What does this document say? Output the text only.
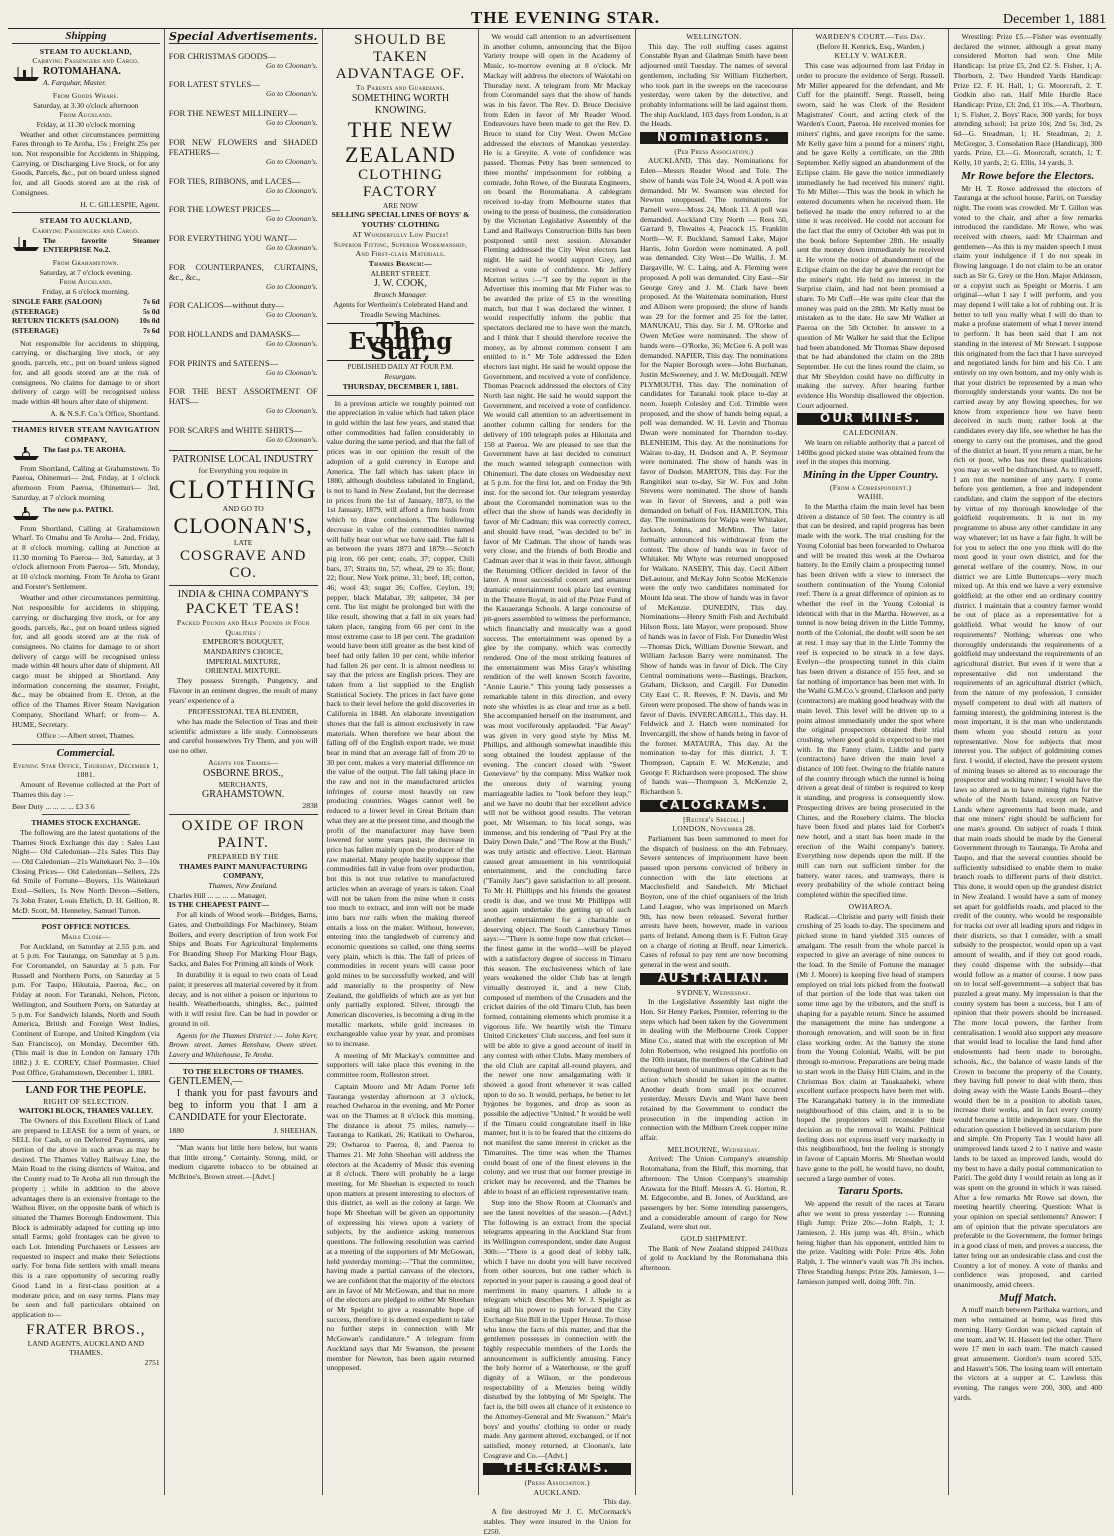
THE EVENING STAR.	December 1, 1881
Shipping
STEAM TO AUCKLAND,
Carrying Passengers and Cargo.
ROTOMAHANA.
A. Farquhar, Master.
From Goods Wharf.
Saturday, at 3.30 o'clock afternoon
From Auckland.
Friday, at 11.30 o'clock morning

Weather and other circumstances permitting Fares through to Te Aroha, 15s ; Freight 25s per ton. Not responsible for Accidents in Shipping, Carrying, or Discharging Live Stock, or for any Goods, Parcels, &c., put on board unless signed for, and all Goods stored are at the risk of Consignees.

H. C. GILLESPIE, Agent.
STEAM TO AUCKLAND,
Carrying Passengers and Cargo.
The favorite Steamer ENTERPRISE No.2.
From Grahamstown.
Saturday, at 7 o'clock evening.
From Auckland.
Friday, at 6 o'clock morning.
SINGLE FARE (SALOON)	7s 6d
(STEERAGE)	5s 0d
RETURN TICKETS (SALOON)	10s 0d
(STEERAGE)	7s 6d

Not responsible for accidents in shipping, carrying, or discharging live stock, or any goods, parcels, etc., put on board unless signed for, and all goods stored are at the risk of consignees. No claims for damage to or short delivery of cargo will be recognised unless made within 48 hours after date of shipment.

A. & N.S.F. Co.'s Office, Shortland.
THAMES RIVER STEAM NAVIGATION COMPANY,
The fast p.s. TE AROHA.

From Shortland, Calling at Grahamstown. To Paeroa, Ohinemuri— 2nd, Friday, at 1 o'clock afternoon From Paeroa, Ohinemuri— 3rd, Saturday, at 7 o'clock morning

The new p.s. PATIKI.

From Shortland, Calling at Grahamstown Wharf. To Omahu and Te Aroha— 2nd, Friday, at 8 o'clock morning, calling at Junction at 11.30 morning To Paeroa— 3rd, Saturday, at 3 o'clock afternoon From Paeroa— 5th, Monday, at 10 o'clock morning. From Te Aroha to Grant and Forster's Settlement.

Weather and other circumstances permitting. Not responsible for accidents in shipping, carrying, or discharging live stock, or for any goods, parcels, &c., put on board unless signed for, and all goods stored are at the risk of consignees. No claims for damage to or short delivery of cargo will be recognised unless made within 48 hours after date of shipment. All cargo must be shipped at Shortland. Any information concerning the steamer, Freight, &c., may be obtained from E. Orton, at the office of the Thames River Steam Navigation Company, Shortland Wharf; or from— A. HUME, Secretary.

Office :—Albert street, Thames.
Commercial.
Evening Star Office, Thursday, December 1, 1881.

Amount of Revenue collected at the Port of Thames this day :—

Beer Duty ... ... ... ... £3 3 6
THAMES STOCK EXCHANGE.

The following are the latest quotations of the Thames Stock Exchange this day : Sales Last Night— Old Caledonian—21s Sales This Day— Old Caledonian—21s Waitekauri No. 3—10s Closing Prices— Old Caledonian—Sellers, 22s 6d Smile of Fortune—Buyers, 11s Waitekauri Extd—Sellers, 1s New North Devon—Sellers, 7s John Frater, Louis Ehrlich, D. H. Gellion, R. McD. Scott, M. Henneley, Samuel Turton.

POST OFFICE NOTICES.
Mails Close—

For Auckland, on Saturday at 2.55 p.m. and at 5 p.m. For Tauranga, on Saturday at 5 p.m. For Coromandel, on Saturday at 5 p.m. For Russell and Northern Ports, on Saturday at 5 p.m. For Taupo, Hikutaia, Paeroa, &c., on Friday at noon. For Taranaki, Nelson, Picton, Wellington, and Southern Ports, on Saturday at 5 p.m. For Sandwich Islands, North and South America, British and Foreign West Indies, Continent of Europe, and United Kingdom (via San Francisco), on Monday, December 6th. (This mail is due in London on January 17th 1882.) J. E. COREY, Chief Postmaster. Chief Post Office, Grahamstown, December 1, 1881.

LAND FOR THE PEOPLE.
RIGHT OF SELECTION.
WAITOKI BLOCK, THAMES VALLEY.

The Owners of this Excellent Block of Land are prepared to LEASE for a term of years, or SELL for Cash, or on Deferred Payments, any portion of the above in such areas as may be desired. The Thames Valley Railway Line, the Main Road to the rising districts of Waitoa, and the County road to Te Aroha all run through the property ; while in addition to the above advantages there is an extensive frontage to the Waihou River, on the opposite bank of which is situated the Thames Borough Endowment. This Block is admirably adapted for cutting up into small Farms; gold frontages can be given to each Lot. Intending Purchasers or Lessees are requested to inspect and make their Selections early. For bona fide settlers with small means this is a rare opportunity of securing really Good Land in a first-class position at a moderate price, and on easy terms. Plans may be seen and full particulars obtained on application to—

FRATER BROS.,
LAND AGENTS, AUCKLAND AND THAMES.
2751
Special Advertisements.
FOR CHRISTMAS GOODS—
Go to Cloonan's.
FOR LATEST STYLES—
Go to Cloonan's.
FOR THE NEWEST MILLINERY—
Go to Cloonan's.
FOR NEW FLOWERS and SHADED FEATHERS—
Go to Cloonan's.
FOR TIES, RIBBONS, and LACES—
Go to Cloonan's.
FOR THE LOWEST PRICES—
Go to Cloonan's.
FOR EVERYTHING YOU WANT—
Go to Cloonan's.
FOR COUNTERPANES, CURTAINS, &c., &c.,
Go to Cloonan's.
FOR CALICOS—without duty—
Go to Cloonan's.
FOR HOLLANDS and DAMASKS—
Go to Cloonan's.
FOR PRINTS and SATEENS—
Go to Cloonan's.
FOR THE BEST ASSORTMENT OF HATS—
Go to Cloonan's.
FOR SCARFS and WHITE SHIRTS—
Go to Cloonan's.
PATRONISE LOCAL INDUSTRY
for Everything you require in
CLOTHING
AND GO TO
CLOONAN'S,
LATE
COSGRAVE AND CO.
INDIA & CHINA COMPANY'S
PACKET TEAS!
Packed Pounds and Half Pounds in Four Qualities :
EMPEROR'S BOUQUET,
MANDARIN'S CHOICE,
IMPERIAL MIXTURE,
ORIENTAL MIXTURE.

They possess Strength, Pungency, and Flavour in an eminent degree, the result of many years' experience of a

PROFESSIONAL TEA BLENDER,

who has made the Selection of Teas and their scientific admixture a life study. Connoisseurs and careful housewives Try Them, and you will use no other.

Agents for Thames—
OSBORNE BROS.,
MERCHANTS,
GRAHAMSTOWN.
2838
OXIDE OF IRON PAINT.
PREPARED BY THE
THAMES PAINT MANUFACTURING COMPANY,
Thames, New Zealand.
Charles Hill ... ... ... ... Manager,
IS THE CHEAPEST PAINT—

For all kinds of Wood work—Bridges, Barns, Gates, and Outbuildings For Machinery, Steam Boilers, and every description of Iron work For Ships and Boats For Agricultural Implements For Branding Sheep For Marking Flour Bags, Sacks, and Bales For Priming all kinds of Work

In durability it is equal to two coats of Lead paint; it preserves all material covered by it from decay, and is not either a poison or injurious to health. Weatherboards, shingles, &c., painted with it will resist fire. Can be had in powder or ground in oil.

Agents for the Thames District :— John Kerr, Brown street. James Renshaw, Owen street. Lavery and Whitehouse, Te Aroha.

TO THE ELECTORS OF THAMES.
GENTLEMEN,—

I thank you for past favours and beg to inform you that I am a CANDIDATE for your Electorate.

1880	J. SHEEHAN.

"Man wants but little here below, but wants that little strong." Certainly. Strong, mild, or medium cigarette tobacco to be obtained at McBrine's, Brown street.—[Advt.]

SHOULD BE TAKEN ADVANTAGE OF.
To Parents and Guardians.
SOMETHING WORTH KNOWING.
THE NEW ZEALAND
CLOTHING FACTORY
ARE NOW
SELLING SPECIAL LINES OF BOYS' & YOUTHS' CLOTHING
AT Wonderfully Low Prices!
Superior Fitting, Superior Workmanship, And First-class Materials.
Thames Branch:—
ALBERT STREET.
J. W. COOK,
Branch Manager.
Agents for Wertheim's Celebrated Hand and Treadle Sewing Machines.
The Evening Star,
PUBLISHED DAILY AT FOUR P.M.
Resurgam.
THURSDAY, DECEMBER 1, 1881.

In a previous article we roughly pointed out the appreciation in value which had taken place in gold within the last few years, and stated that other commodities had fallen considerably in value during the same period, and that the fall of prices was in our opinion the result of the adoption of a gold currency in Europe and America. The fall which has taken place in 1880, although doubtless tabulated in England, is not to hand in New Zealand, but the decrease in prices from the 1st of January, 1873, to the 1st January, 1879, will afford a firm basis from which to draw conclusions. The following decrease in value of the commodities named will fully bear out what we have said. The fall is as between the years 1873 and 1879:—Scotch pig iron, 66 per cent; coals, 37; copper, Chili bars, 37; Straits tin, 57; wheat, 29 to 35; flour, 22; flour, New York prime, 31; beef, 18; cotton, 46; wool 43; sugar 26; Coffee, Ceylon, 19; pepper, black Malabar, 39; saltpeter, 34 per cent. The list might be prolonged but with the like result, showing that a fall in six years had taken place, ranging from 66 per cent in the most extreme case to 18 per cent. The gradation would have been still greater as the best kind of beef had only fallen 10 per cent, while inferior had fallen 26 per cent. It is almost needless to say that the prices are English prices. They are taken from a list supplied to the English Statistical Society. The prices in fact have gone back to their level before the gold discoveries in California in 1848. An elaborate investigation shows that the fall is almost exclusively in raw materials. When therefore we hear about the falling off of the English export trade, we must bear in mind that an average fall of from 20 to 30 per cent. makes a very material difference on the value of the output. The fall taking place in the raw and not in the manufactured articles infringes of course most heavily on raw producing countries. Wages cannot well be reduced to a lower level in Great Britain than what they are at the present time, and though the profit of the manufacturer may have been lowered for some years past, the decrease in price has fallen mainly upon the producer of the raw material. Many people hastily suppose that commodities fall in value from over production, but this is not true relative to manufactured articles when an average of years is taken. Coal will not be taken from the mine when it costs too much to extract, and iron will not be made into bars nor rails when the making thereof entails a loss on the maker. Without, however, entering into the tangledweb of currency and economic questions so called, one thing seems very plain, which is this. The fall of prices of commodities in recent years will cause poor gold mines to be successfully worked, and will add materially to the prosperity of New Zealand, the goldfields of which are as yet but only partially explored. Silver, through the American discoveries, is becoming a drug in the metallic markets, while gold increases in exchangeable value year by year, and promises so to increase.

A meeting of Mr Mackay's committee and supporters will take place this evening in the committee room, Rolleston street.

Captain Moore and Mr Adam Porter left Tauranga yesterday afternoon at 3 o'clock, reached Owharoa in the evening, and Mr Porter was on the Thames at 8 o'clock this morning. The distance is about 75 miles, namely—Tauranga to Katikati, 26; Katikati to Owharoa, 29; Owharoa to Paeroa, 8, and Paeroa to Thames 21. Mr John Sheehan will address the electors at the Academy of Music this evening at 8 o'clock. There will probably be a large meeting, for Mr Sheehan is expected to touch upon matters at present interesting to electors of this district, as well as the colony at large. We hope Mr Sheehan will be given an opportunity of expressing his views upon a variety of subjects, by the audience asking numerous questions. The following resolution was carried at a meeting of the supporters of Mr McGowan, held yesterday morning:—"That the committee, having made a partial canvass of the electors, we are confident that the majority of the electors are in favor of Mr McGowan, and that no more of the electors are pledged to either Mr Sheehan or Mr Speight to give a reasonable hope of success, therefore it is deemed expedient to take no further steps in connection with Mr McGowan's candidature." A telegram from Auckland says that Mr Swanson, the present member for Newton, has been again returned unopposed.

We would call attention to an advertisement in another column, announcing that the Bijou Variety troupe will open in the Academy of Music, to-morrow evening at 8 o'clock. Mr Mackay will address the electors of Waiotahi on Thursday next. A telegram from Mr Mackay from Coromandel says that the show of hands was in his favor. The Rev. D. Bruce Decisive from Eden in favor of Mr Reader Wood. Endeavours have been made to get the Rev. D. Bruce to stand for City West. Owen McGee addressed the electors of Manukau yesterday. He is a Greyite. A vote of confidence was passed. Thomas Petty has been sentenced to three months' imprisonment for robbing a comrade, John Rowe, of the Buurata Engineers, on board the Rotomahana. A cablegram received to-day from Melbourne states that owing to the press of business, the consideration by the Victorian Legislative Assembly of the Land and Railways Construction Bills has been postponed until next session. Alexander Fleming addressed the City West electors last night. He said he would support Grey, and received a vote of confidence. Mr Jeffery Morton writes :—"I see by the report in the Advertiser this morning that Mr Fisher was to be awarded the prize of £5 in the wrestling match, but that I was declared the winner. I would respectfully inform the public that spectators declared me to have won the match, and I think that I should therefore receive the money, as by almost common consent I am entitled to it." Mr Tole addressed the Eden electors last night. He said he would oppose the Government, and received a vote of confidence. Thomas Peacock addressed the electors of City North last night. He said he would support the Government, and received a vote of confidence. We would call attention to an advertisement in another column calling for tenders for the delivery of 100 telegraph poles at Hikutaia and 150 at Paeroa. We are pleased to see that the Government have at last decided to construct the much wanted telegraph connection with Ohinemuri. The date closes on Wednesday next at 5 p.m. for the first lot, and on Friday the 9th inst. for the second lot. Our telegram yesterday about the Coromandel nomination was to the effect that the show of hands was decidedly in favor of Mr Cadman; this was correctly correct, and should have read, "was decided to be" in favor of Mr Cadman. The show of hands was very close, and the friends of both Brodie and Cadman aver that it was in their favor, although the Returning Officer decided in favor of the latter. A most successful concert and amateur dramatic entertainment took place last evening in the Theatre Royal, in aid of the Prize Fund of the Kauaeranga Schools. A large concourse of pit-goers assembled to witness the performance, which financially and musically was a good success. The entertainment was opened by a glee by the company, which was correctly rendered. One of the most striking features of the entertainment was Miss Gray's whistling rendition of the well known Scotch favorite, "Annie Laurie." This young lady possesses a remarkable talent in this direction, and every note she whistles is as clear and true as a bell. She accompanied herself on the instrument, and was most vociferously applauded. "Far Away" was given in very good style by Miss M. Phillips, and although somewhat inaudible this song obtained the loudest applause of the evening. The concert closed with "Sweet Genevieve" by the company. Miss Walker took the onerous duty of warning young marriageable ladies to "look before they leap," and we have no doubt that her excellent advice will not be without good results. The veteran poet, Mr Wiseman, to his local songs, was immense, and his rendering of "Paul Pry at the Dairy Down Dale," and "The Row at the Bush," was truly artistic and effective. Lieut. Harman caused great amusement in his ventriloquial entertainment, and the concluding farce ("Family Jars") gave satisfaction to all present. To Mr H. Phillipps and his friends the greatest credit is due, and we trust Mr Phillipps will soon again undertake the getting up of such another entertainment for a charitable or deserving object. The South Canterbury Times says:—"There is some hope now that cricket—the finest game in the world—will be played with a satisfactory degree of success in Timaru this season. The exclusiveness which of late years weakened the older Club has at length virtually destroyed it, and a new Club, composed of members of the Crusaders and the cricket dairies of the old Timaru Club, has been formed, containing elements which promise it a vigorous life. We heartily wish the Timaru United Cricketers' Club success, and feel sure it will be able to give a good account of itself in any contest with other Clubs. Many members of the old Club are capital all-round players, and the newer one now amalgamating with it showed a good front whenever it was called upon to do so. It would, perhaps, be better to let bygones be bygones, and drop as soon as possible the adjective "United." It would be well if the Timaru could congratulate itself in like manner, but it is to be feared that the citizens do not manifest the same interest in cricket as the Timaruites. The time was when the Thames could boast of one of the finest elevens in the colony, and we trust that our former prestige in cricket may be recovered, and the Thames be able to boast of an efficient representative team.

Step into the Show Room at Cloonan's and see the latest novelties of the season.—[Advt.] The following is an extract from the special telegrams appearing in the Auckland Star from its Wellington correspondent, under date August 30th:—"There is a good deal of lobby talk, which I have no doubt you will have received from other sources, but one rather which is reported in your paper is causing a good deal of merriment in many quarters. I allude to a telegram which describes Mr W. J. Speight as using all his power to push forward the City Exchange Site Bill in the Upper House. To those who know the facts of this matter, and that the gentlemen possesses in connection with the highly respectable members of the Lords the announcement is sufficiently amusing. Fancy the holy horror of a Waterhouse, or the gruff dignity of a Wilson, or the ponderous respectability of a Menzies being wildly disturbed by the lobbying of Mr Speight. The fact is, the bill owes all chance of it existence to the Attorney-General and Mr Swanson." Mair's boys' and youths' clothing to order or ready made. Any garment altered, exchanged, or if not satisfied, money returned, at Cloonan's, late Cosgrave and Co.—[Advt.]

TELEGRAMS.
(Press Association.)
AUCKLAND.
This day.

A fire destroyed Mr J. C. McCormack's stables. They were insured in the Union for £250.

WELLINGTON.

This day. The roll stuffing cases against Constable Ryan and Gladman Smith have been adjourned until Tuesday. The names of several gentlemen, including Sir William Fitzherbert, who took part in the sweeps on the racecourse yesterday, were taken by the detective, and probably informations will be laid against them. The ship Auckland, 103 days from London, is at the Heads.

Nominations.
(Per Press Association.)

AUCKLAND, This day. Nominations for Eden—Messrs Reader Wood and Tole. The show of hands was Tole 24, Wood 4. A poll was demanded. Mr W. Swanson was elected for Newton unopposed. The nominations for Parnell were—Moss 24, Monk 13. A poll was demanded. Auckland City North — Rees 50, Garrard 9, Thwaites 4, Peacock 15. Franklin North—W. F. Buckland, Samuel Lake, Major Harris, John Gordon were nominated. A poll was demanded. City West—De Wallis, J. M. Dargaville, W. C. Laing, and A. Fleming were proposed. A poll was demanded. City East—Sir George Grey and J. M. Clark have been proposed. At the Waitemata nomination, Hurst and Allison were proposed; the show of hands was 29 for the former and 25 for the latter. MANUKAU, This day. Sir J. M. O'Rorke and Owen McGee were nominated. The show of hands were—O'Rorke, 36; McGee 6. A poll was demanded. NAPIER, This day. The nominations for the Napier Borough were—John Buchanan, Justin McSweeney, and J. W. McDougall. NEW PLYMOUTH, This day. The nomination of candidates for Taranaki took place to-day at noon. Joseph Colesley and Col. Trimble were proposed, and the show of hands being equal, a poll was demanded. W. H. Levin and Thomas Dwan were nominated for Thorndon to-day. BLENHEIM, This day. At the nominations for Wairau to-day, H. Dodson and A. P. Seymour were nominated. The show of hands was in favor of Dodson. MARTON, This day. For the Rangitikei seat to-day, Sir W. Fox and John Stevens were nominated. The show of hands was in favor of Stevens, and a poll was demanded on behalf of Fox. HAMILTON, This day. The nominations for Waipa were Whitaker, Jackson, Johns, and McMinn. The latter formally announced his withdrawal from the contest. The show of hands was in favor of Whitaker. Mr Whyte was returned unopposed for Waikato. NASEBY, This day. Cecil Albert DeLautour, and McKay John Scobie McKenzie were the only two candidates nominated for Mount Ida seat. The show of hands was in favor of McKenzie. DUNEDIN, This day. Nominations—Henry Smith Fish and Archibald Hilson Ross, late Mayor, were proposed. Show of hands was in favor of Fish. For Dunedin West—Thomas Dick, William Downie Stewart, and William Jackson Barry were nominated. The Show of hands was in favor of Dick. The City Central nominations were—Bastings, Bracken, Graham, Dickson, and Cargill. For Dunedin City East C. R. Reeves, P. N. Davis, and Mr Green were proposed. The show of hands was in favor of Davis. INVERCARGILL, This day. H. Feldwick and J. Hatch were nominated for Invercargill, the show of hands being in favor of the former. MATAURA, This day. At the nomination to-day for this district, J. T. Thompson, Captain F. W. McKenzie, and George F. Richardson were proposed. The show of hands was—Thompson 3, McKenzie 2, Richardson 5.

CALOGRAMS.
[Reuter's Special.]
LONDON, November 28.

Parliament has been summoned to meet for the dispatch of business on the 4th February. Severe sentences of imprisonment have been passed upon persons convicted of bribery in connection with the late elections at Macclesfield and Sandwich. Mr Michael Boyton, one of the chief organisers of the Irish Land League, who was imprisoned on March 9th, has now been released. Several further arrests have been, however, made in various parts of Ireland. Among them is F. Fulton Gray on a charge of rioting at Bruff, near Limerick. Cases of refusal to pay rent are now becoming general in the west and south.

AUSTRALIAN.
SYDNEY, Wednesday.

In the Legislative Assembly last night the Hon. Sir Henry Parkes, Premier, referring to the steps which had been taken by the Government in dealing with the Melbourne Creek Copper Mine Co., stated that with the exception of Mr John Robertson, who resigned his portfolio on the 10th instant, the members of the Cabinet had throughout been of unanimous opinion as to the action which should be taken in the matter. Another death from small pox occurred yesterday. Messrs Davis and Want have been retained by the Government to conduct the prosecution in the impending action in connection with the Milburn Creek copper mine affair.

MELBOURNE, Wednesday.

Arrived: The Union Company's steamship Rotomahana, from the Bluff, this morning, that afternoon: The Union Company's steamship Arawata for the Bluff. Messrs A. G. Horton, R. M. Edgecombe, and B. Jones, of Auckland, are passengers by her. Some intending passengers, and a considerable amount of cargo for New Zealand, were shut out.

GOLD SHIPMENT.

The Bank of New Zealand shipped 2410ozs of gold to Auckland by the Rotomahana this afternoon.

WARDEN'S COURT.—This Day.
(Before H. Kenrick, Esq., Warden.)
KELLY V. WALKER.

This case was adjourned from last Friday in order to procure the evidence of Sergt. Russell. Mr Miller appeared for the defendant, and Mr Cuff for the plaintiff. Sergt. Russell, being sworn, said he was Clerk of the Resident Magistrates' Court, and acting clerk of the Warden's Court, Paeroa. He received monies for miners' rights, and gave receipts for the same. Mr Kelly gave him a pound for a miners' right, and he gave Kelly a certificate, on the 28th September. Kelly signed an abandonment of the Eclipse claim. He gave the notice immediately immediately he had received his miners' right. To Mr Miller—This was the book in which he entered documents when he received them. He believed he made the entry referred to at the time it was received. He could not account for the fact that the entry of October 4th was put in the book before September 28th. He usually sent the money down immediately he received it. He wrote the notice of abandonment of the Eclipse claim on the day he gave the receipt for the miner's right. He held no interest in the Surprise claim, and had not been promised a share. To Mr Cuff—He was quite clear that the money was paid on the 28th. Mr Kelly must be mistaken as to the date. He saw Mr Walker at Paeroa on the 5th October. In answer to a question of Mr Walker he said that the Eclipse had been abandoned. Mr Thomas Shaw deposed that he had abandoned the claim on the 28th September. He cut the lines round the claim, so that Mr Sheyldon could have no difficulty in making the survey. After hearing further evidence His Worship disallowed the objection. Court adjourned.

OUR MINES.
CALEDONIAN.

We learn on reliable authority that a parcel of 140lbs good picked stone was obtained from the reef in the stopes this morning.

Mining in the Upper Country.
(From a Correspondent.)
WAIHI.

In the Martha claim the main level has been driven a distance of 50 feet. The country is all that can be desired, and rapid progress has been made with the work. The trial crushing for the Young Colonial has been forwarded to Owharoa and will be treated this week at the Owharoa battery. In the Emily claim a prospecting tunnel has been driven with a view to intersect the southern continuation of the Young Colonial reef. There is a great difference of opinion as to whether the reef in the Young Colonial is identical with that in the Martha. However, as a tunnel is now being driven in the Little Tommy, north of the Colonial, the doubt will soon be set at rest. I may say that in the Little Tommy the reef is expected to be struck in a few days. Evelyn—the prospecting tunnel in this claim has been driven a distance of 155 feet, and so far nothing of importance has been met with. In the Waihi G.M.Co.'s ground, Clarkson and party (contractors) are making good headway with the main level. This level will be driven up to a point almost immediately under the spot where the original prospectors obtained their trial crushing, where good gold is expected to be met with. In the Fanny claim, Liddle and party (contractors) have driven the main level a distance of 100 feet. Owing to the friable nature of the country through which the tunnel is being driven a great deal of timber is required to keep it standing, and progress is consequently slow. Prospecting drives are being prosecuted in the Clunes, and the Rosebery claims. The blocks have been fixed and plates laid for Corbett's new hotel, and a start has been made in the erection of the Waihi company's battery. Everything now depends upon the mill. If the mill can turn out sufficient timber for the battery, water races, and tramways, there is every probability of the whole contract being completed within the specified time.

OWHAROA.

Radical.—Christie and party will finish their crushing of 25 loads to-day. The specimens and picked stone in hand yielded 315 ounces of amalgam. The result from the whole parcel is expected to give an average of nine ounces to the load. In the Smile of Fortune the manager (Mr J. Moore) is keeping five head of stampers employed on trial lots picked from the footwall of that portion of the lode that was taken out some time ago by the tributers, and the stuff is shaping for a payable return. Since he assumed the management the mine has undergone a thorough renovation, and will soon be in first class working order. At the battery the stone from the Young Colonial, Waihi, will be put through to-morrow. Preparations are being made to start work in the Daisy Hill Claim, and in the Christmas Box claim at Tauakaaheki, where excellent surface prospects have been met with. The Karangahaki battery is in the immediate neighbourhood of this claim, and it is to be hoped the proprietors will reconsider their decision as to the removal to Waihi. Political feeling does not express itself very markedly in this neighbourhood, but the feeling is strongly in favour of Captain Morris. Mr Sheehan would have gone to the poll, he would have, no doubt, secured a large number of votes.

Tararu Sports.

We append the result of the races at Tararu after we went to press yesterday :— Running High Jump: Prize 20s:—John Ralph, 1; J. Jamieson, 2. His jump was 4ft. 8½in., which being higher than his opponent, entitled him to the prize. Vaulting with Pole: Prize 40s. John Ralph, 1. The winner's vault was 7ft 3¼ inches. Three Standing Jumps: Prize 20s. Jamieson, 1—Jamieson jumped well, doing 30ft. 7in.

Wrestling: Prize £5.—Fisher was eventually declared the winner, although a great many considered Morton had won. One Mile Handicap: 1st prize £5, 2nd £2. S. Fisher, 1; A. Thorburn, 2. Two Hundred Yards Handicap: Prize £2. F. H. Hall, 1; G. Moorcraft, 2. T. Godkin also ran. Half Mile Hurdle Race Handicap: Prize, £3; 2nd, £1 10s.—A. Thorburn, 1; S. Fisher, 2. Boys' Race, 300 yards; for boys attending school; 1st prize 10s; 2nd 5s; 3rd, 2s 6d—G. Steadman, 1; H. Steadman, 2; J. McGregor, 3. Consolation Race (Handicap), 300 yards. Prize, £3.—G. Moorcraft, scratch, 1; T. Kelly, 10 yards, 2; G. Ellis, 14 yards, 3.

Mr Rowe before the Electors.

Mr H. T. Rowe addressed the electors of Tauranga at the school house, Pariri, on Tuesday night. The room was crowded. Mr T. Gillon was voted to the chair, and after a few remarks introduced the candidate. Mr Rowe, who was received with cheers, said: Mr Chairman and gentlemen—As this is my maiden speech I must claim your indulgence if I do not speak in flowing language. I do not claim to be an orator such as Sir G. Grey or the Hon. Major Atkinson, or a copyist such as Speight or Morris. I am original—what I say I will perform, and you may depend I will take a lot of rubbing out. It is better to tell you really what I will do than to make a profuse statement of what I never intend to perform. It has been said that I am not standing in the interest of Mr Stewart. I suppose this originated from the fact that I have surveyed and negotiated lands for him and his Co. I am entirely on my own bottom, and my only wish is that your district be represented by a man who thoroughly understands your wants. Do not be carried away by any flowing speeches, for we know from experience how we have been deceived in such men; rather look at the candidates every day life, see whether he has the energy to carry out the promises, and the good of the district at heart. If you return a man, be he rich or poor, who has not these qualifications you may as well be disfranchised. As to myself, I am not the nominee of any party. I come before you gentlemen, a free and independent candidate, and claim the support of the electors by virtue of my thorough knowledge of the goldfield requirements. It is not in my programme to abuse any other candidate in any way whatever; let us have a fair fight. It will be for you to select the one you think will do the most good in your own district, and for the general welfare of the country. Now, in our district we are Little Buttercups—very much mixed up. At this end we have a very extensive goldfield; at the other end an ordinary country district. I maintain that a country farmer would be out of place as a representative for a goldfield. What would he know of our requirements? Nothing; whereas one who thoroughly understands the requirements of a goldfield may understand the requirements of an agricultural district. But even if it were that a representative did not understand the requirements of an agricultural district (which, from the nature of my profession, I consider myself competent to deal with all matters of farming interest), the goldmining interest is the most important, it is the man who understands them whom you should return as your representative. Now for subjects that most interest you. The subject of goldmining comes first. I would, if elected, have the present system of mining leases so altered as to encourage the prospector and working miner; I would have the laws so altered as to have mining rights for the whole of the North Island, except on Native Lands where agreements had been made, and that one miners' right should be sufficient for one man's ground. On subject of roads I think that main roads should be made by the General Government through to Tauranga, Te Aroha and Taupo, and that the several counties should be sufficiently subsidised to enable them to make branch roads to different parts of their district. This done, it would open up the grandest district in New Zealand. I would have a sum of money set apart for goldfields roads, and placed to the credit of the county, who would be responsible for tracks cut over all leading spurs and ridges in their districts, so that I consider, with a small subsidy to the prospector, would open up a vast amount of wealth, and if they cut good roads, they could dispense with the subsidy—that would follow as a matter of course. I now pass on to local self-government—a subject that has puzzled a great many. My impression is that the county system has been a success, but I am of opinion that their powers should be increased. The more local powers, the farther from centralisation. I would also support any measure that would lead to localise the land fund after endowments had been made to boroughs, schools, &c., the balance of waste lands of the Crown to become the property of the County, they having full power to deal with them, thus doing away with the Waste Lands Board—they would then be in a position to abolish taxes, increase their works, and in fact every county would become a little independent state. On the education question I believed in secularism pure and simple. On Property Tax I would have all unimproved lands taxed 2 to 1 native and waste lands to be taxed as improved lands, would do my best to have a daily postal communication to Pariri. The gold duty I would retain as long as it was spent on the ground in which it was raised. After a few remarks Mr Rowe sat down, the meeting heartily cheering. Question: What is your opinion on special settlements? Answer: I am of opinion that the private speculators are preferable to the Government, the former brings in a good class of men, and proves a success, the latter bring out an undesirable class and cost the Country a lot of money. A vote of thanks and confidence was proposed, and carried unanimously, amid cheers.

Muff Match.

A muff match between Parihaka warriors, and men who remained at home, was fired this morning. Harry Gordon was picked captain of one team, and W. H. Hassett led the other. There were 17 men in each team. The match caused great amusement. Gordon's team scored 535, and Hassett's 506. The losing team will entertain the victors at a supper at C. Lawless this evening. The ranges were 200, 300, and 400 yards.
